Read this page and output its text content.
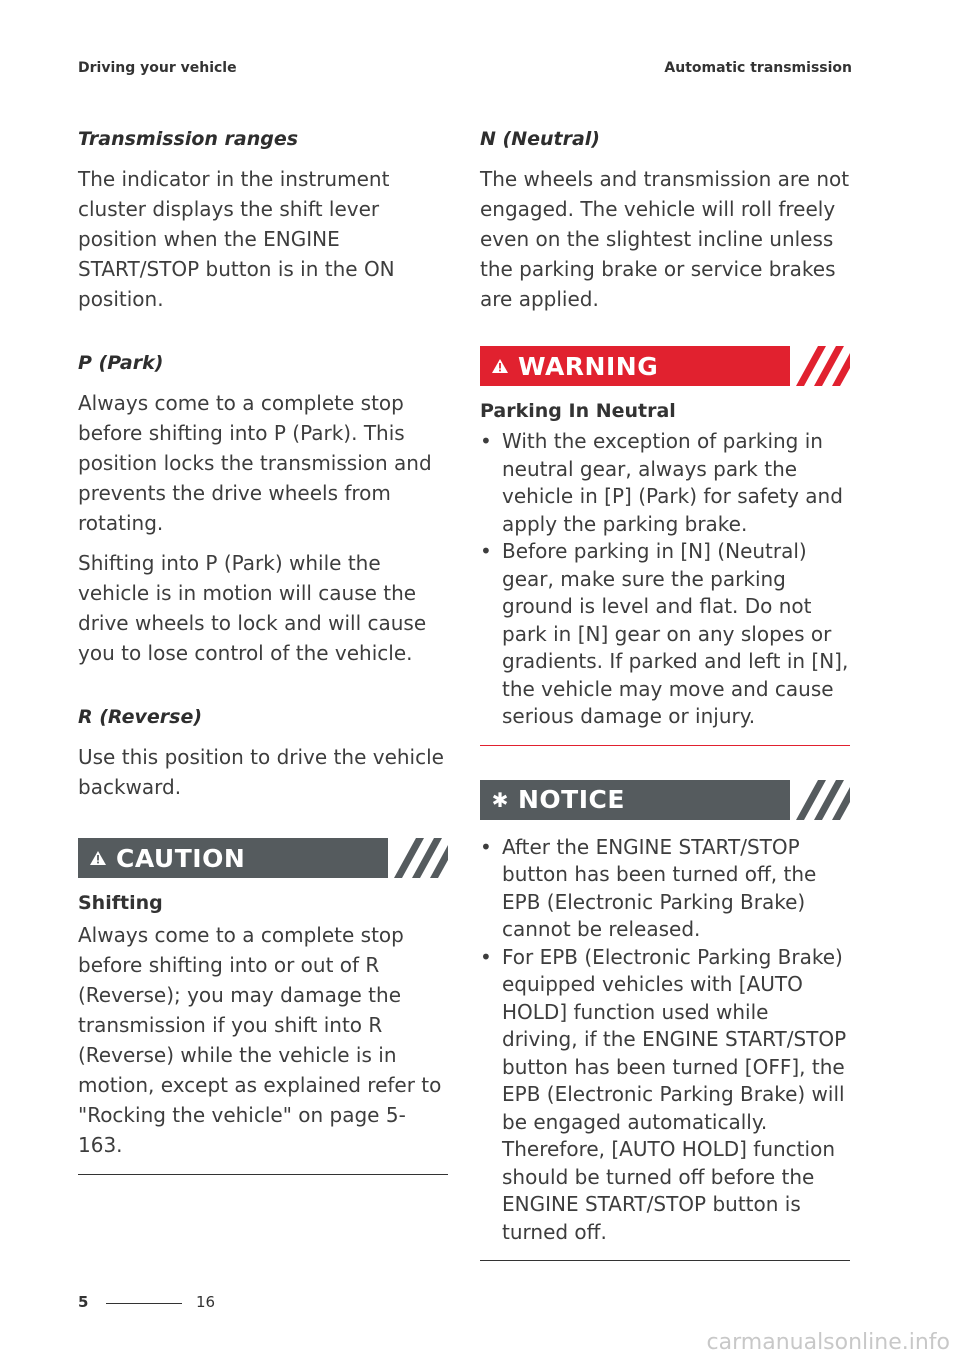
Driving your vehicle	Automatic transmission
Transmission ranges

The indicator in the instrument cluster displays the shift lever position when the ENGINE START/STOP button is in the ON position.

P (Park)

Always come to a complete stop before shifting into P (Park). This position locks the transmission and prevents the drive wheels from rotating.

Shifting into P (Park) while the vehicle is in motion will cause the drive wheels to lock and will cause you to lose control of the vehicle.

R (Reverse)

Use this position to drive the vehicle backward.

CAUTION
Shifting

Always come to a complete stop before shifting into or out of R (Reverse); you may damage the transmission if you shift into R (Reverse) while the vehicle is in motion, except as explained refer to "Rocking the vehicle" on page 5-163.

N (Neutral)

The wheels and transmission are not engaged. The vehicle will roll freely even on the slightest incline unless the parking brake or service brakes are applied.

WARNING
Parking In Neutral
• With the exception of parking in neutral gear, always park the vehicle in [P] (Park) for safety and apply the parking brake.
• Before parking in [N] (Neutral) gear, make sure the parking ground is level and flat. Do not park in [N] gear on any slopes or gradients. If parked and left in [N], the vehicle may move and cause serious damage or injury.
✱ NOTICE
• After the ENGINE START/STOP button has been turned off, the EPB (Electronic Parking Brake) cannot be released.
• For EPB (Electronic Parking Brake) equipped vehicles with [AUTO HOLD] function used while driving, if the ENGINE START/STOP button has been turned [OFF], the EPB (Electronic Parking Brake) will be engaged automatically. Therefore, [AUTO HOLD] function should be turned off before the ENGINE START/STOP button is turned off.
5	16
carmanualsonline.info
